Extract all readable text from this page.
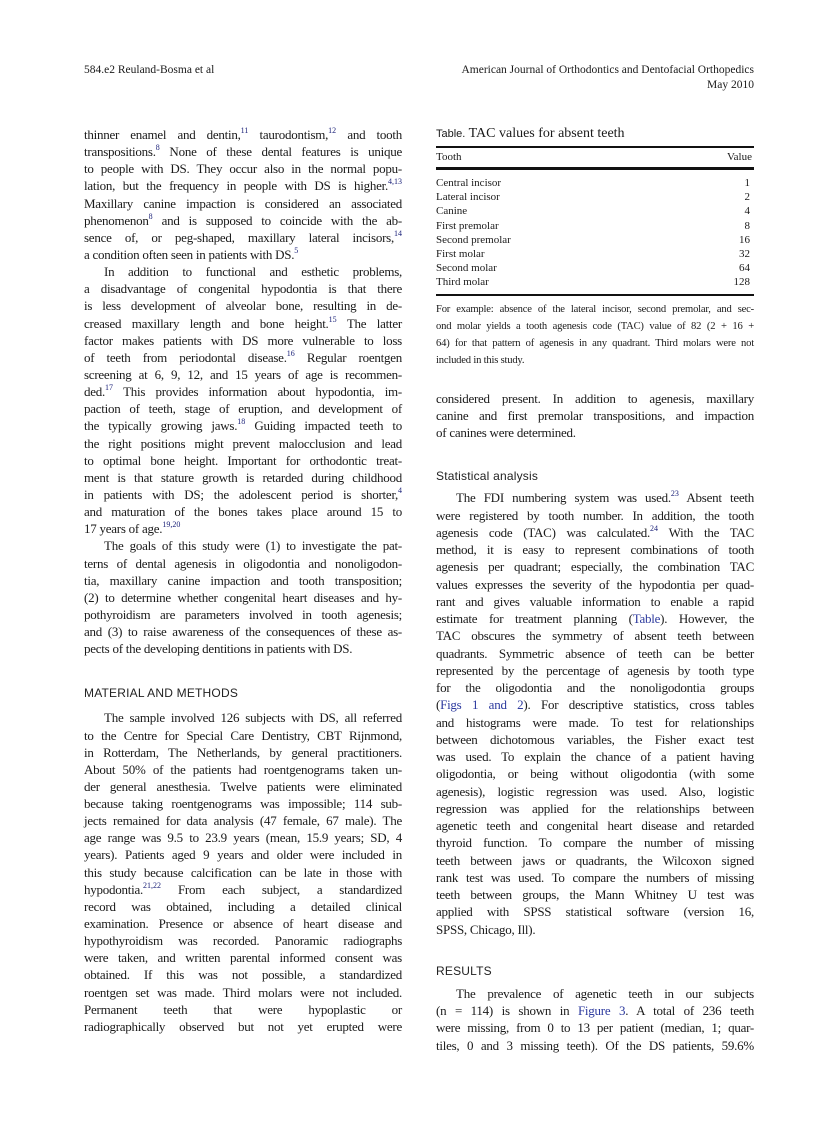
584.e2 Reuland-Bosma et al	American Journal of Orthodontics and Dentofacial Orthopedics
May 2010
thinner enamel and dentin,$^{11}$ taurodontism,$^{12}$ and tooth
transpositions.$^8$ None of these dental features is unique
to people with DS. They occur also in the normal popu-
lation, but the frequency in people with DS is higher.$^{4,13}$
Maxillary canine impaction is considered an associated
phenomenon$^8$ and is supposed to coincide with the ab-
sence of, or peg-shaped, maxillary lateral incisors,$^{14}$
a condition often seen in patients with DS.$^5$
In addition to functional and esthetic problems,
a disadvantage of congenital hypodontia is that there
is less development of alveolar bone, resulting in de-
creased maxillary length and bone height.$^{15}$ The latter
factor makes patients with DS more vulnerable to loss
of teeth from periodontal disease.$^{16}$ Regular roentgen
screening at 6, 9, 12, and 15 years of age is recommen-
ded.$^{17}$ This provides information about hypodontia, im-
paction of teeth, stage of eruption, and development of
the typically growing jaws.$^{18}$ Guiding impacted teeth to
the right positions might prevent malocclusion and lead
to optimal bone height. Important for orthodontic treat-
ment is that stature growth is retarded during childhood
in patients with DS; the adolescent period is shorter,$^4$
and maturation of the bones takes place around 15 to
17 years of age.$^{19,20}$
The goals of this study were (1) to investigate the pat-
terns of dental agenesis in oligodontia and nonoligodon-
tia, maxillary canine impaction and tooth transposition;
(2) to determine whether congenital heart diseases and hy-
pothyroidism are parameters involved in tooth agenesis;
and (3) to raise awareness of the consequences of these as-
pects of the developing dentitions in patients with DS.
MATERIAL AND METHODS
The sample involved 126 subjects with DS, all referred
to the Centre for Special Care Dentistry, CBT Rijnmond,
in Rotterdam, The Netherlands, by general practitioners.
About 50% of the patients had roentgenograms taken un-
der general anesthesia. Twelve patients were eliminated
because taking roentgenograms was impossible; 114 sub-
jects remained for data analysis (47 female, 67 male). The
age range was 9.5 to 23.9 years (mean, 15.9 years; SD, 4
years). Patients aged 9 years and older were included in
this study because calcification can be late in those with
hypodontia.$^{21,22}$ From each subject, a standardized
record was obtained, including a detailed clinical
examination. Presence or absence of heart disease and
hypothyroidism was recorded. Panoramic radiographs
were taken, and written parental informed consent was
obtained. If this was not possible, a standardized
roentgen set was made. Third molars were not included.
Permanent teeth that were hypoplastic or
radiographically observed but not yet erupted were
Table. TAC values for absent teeth
Tooth	Value
Central incisor	1
Lateral incisor	2
Canine	4
First premolar	8
Second premolar	16
First molar	32
Second molar	64
Third molar	128
For example: absence of the lateral incisor, second premolar, and sec-
ond molar yields a tooth agenesis code (TAC) value of 82 (2 + 16 +
64) for that pattern of agenesis in any quadrant. Third molars were not
included in this study.
considered present. In addition to agenesis, maxillary
canine and first premolar transpositions, and impaction
of canines were determined.
Statistical analysis
The FDI numbering system was used.$^{23}$ Absent teeth
were registered by tooth number. In addition, the tooth
agenesis code (TAC) was calculated.$^{24}$ With the TAC
method, it is easy to represent combinations of tooth
agenesis per quadrant; especially, the combination TAC
values expresses the severity of the hypodontia per quad-
rant and gives valuable information to enable a rapid
estimate for treatment planning (Table). However, the
TAC obscures the symmetry of absent teeth between
quadrants. Symmetric absence of teeth can be better
represented by the percentage of agenesis by tooth type
for the oligodontia and the nonoligodontia groups
(Figs 1 and 2). For descriptive statistics, cross tables
and histograms were made. To test for relationships
between dichotomous variables, the Fisher exact test
was used. To explain the chance of a patient having
oligodontia, or being without oligodontia (with some
agenesis), logistic regression was used. Also, logistic
regression was applied for the relationships between
agenetic teeth and congenital heart disease and retarded
thyroid function. To compare the number of missing
teeth between jaws or quadrants, the Wilcoxon signed
rank test was used. To compare the numbers of missing
teeth between groups, the Mann Whitney U test was
applied with SPSS statistical software (version 16,
SPSS, Chicago, Ill).
RESULTS
The prevalence of agenetic teeth in our subjects
(n = 114) is shown in Figure 3. A total of 236 teeth
were missing, from 0 to 13 per patient (median, 1; quar-
tiles, 0 and 3 missing teeth). Of the DS patients, 59.6%
